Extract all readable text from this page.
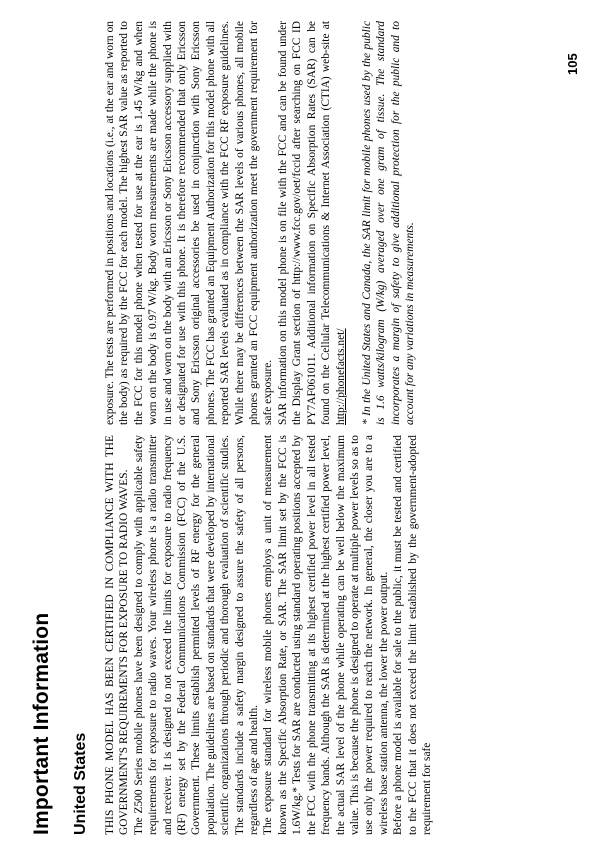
Important Information United States THIS PHONE MODEL HAS BEEN CERTIFIED IN COMPLIANCE WITH THE GOVERNMENT'S REQUIREMENTS FOR EXPOSURE TO RADIO WAVES. The Z500 Series mobile phones have been designed to comply with applicable safety requirements for exposure to radio waves. Your wireless phone is a radio transmitter and receiver. It is designed to not exceed the limits for exposure to radio frequency (RF) energy set by the Federal Communications Commission (FCC) of the U.S. Government. These limits establish permitted levels of RF energy for the general population. The guidelines are based on standards that were developed by international scientific organizations through periodic and thorough evaluation of scientific studies. The standards include a safety margin designed to assure the safety of all persons, regardless of age and health. The exposure standard for wireless mobile phones employs a unit of measurement known as the Specific Absorption Rate, or SAR. The SAR limit set by the FCC is 1.6W/kg.* Tests for SAR are conducted using standard operating positions accepted by the FCC with the phone transmitting at its highest certified power level in all tested frequency bands. Although the SAR is determined at the highest certified power level, the actual SAR level of the phone while operating can be well below the maximum value. This is because the phone is designed to operate at multiple power levels so as to use only the power required to reach the network. In general, the closer you are to a wireless base station antenna, the lower the power output. Before a phone model is available for sale to the public, it must be tested and certified to the FCC that it does not exceed the limit established by the government-adopted requirement for safe

exposure. The tests are performed in positions and locations (i.e., at the ear and worn on the body) as required by the FCC for each model. The highest SAR value as reported to the FCC for this model phone when tested for use at the ear is 1.45 W/kg and when worn on the body is 0.97 W/kg. Body worn measurements are made while the phone is in use and worn on the body with an Ericsson or Sony Ericsson accessory supplied with or designated for use with this phone. It is therefore recommended that only Ericsson and Sony Ericsson original accessories be used in conjunction with Sony Ericsson phones. The FCC has granted an Equipment Authorization for this model phone with all reported SAR levels evaluated as in compliance with the FCC RF exposure guidelines. While there may be differences between the SAR levels of various phones, all mobile phones granted an FCC equipment authorization meet the government requirement for safe exposure. SAR information on this model phone is on file with the FCC and can be found under the Display Grant section of http://www.fcc.gov/oet/fccid after searching on FCC ID PY7AF061011. Additional information on Specific Absorption Rates (SAR) can be found on the Cellular Telecommunications & Internet Association (CTIA) web-site at http://phonefacts.net/ * In the United States and Canada, the SAR limit for mobile phones used by the public is 1.6 watts/kilogram (W/kg) averaged over one gram of tissue. The standard incorporates a margin of safety to give additional protection for the public and to account for any variations in measurements.

105
